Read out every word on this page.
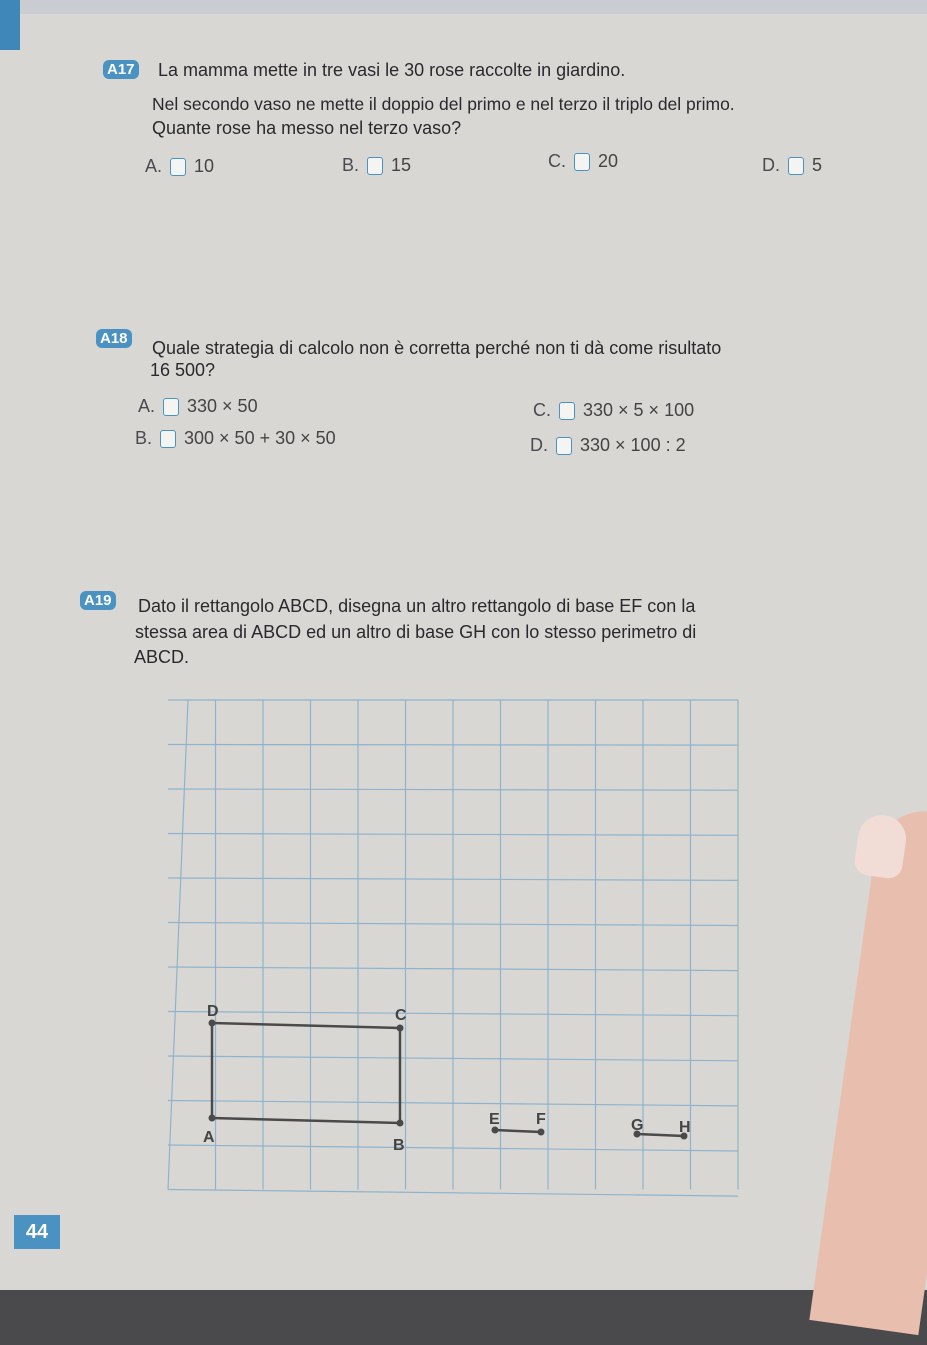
A17 La mamma mette in tre vasi le 30 rose raccolte in giardino.
Nel secondo vaso ne mette il doppio del primo e nel terzo il triplo del primo.
Quante rose ha messo nel terzo vaso?
A. 10	B. 15	C. 20	D. 5
A18 Quale strategia di calcolo non è corretta perché non ti dà come risultato
16 500?
A. 330 × 50
B. 300 × 50 + 30 × 50
C. 330 × 5 × 100
D. 330 × 100 : 2
A19 Dato il rettangolo ABCD, disegna un altro rettangolo di base EF con la
stessa area di ABCD ed un altro di base GH con lo stesso perimetro di
ABCD.
D	C
A	B
E F	G H
44
